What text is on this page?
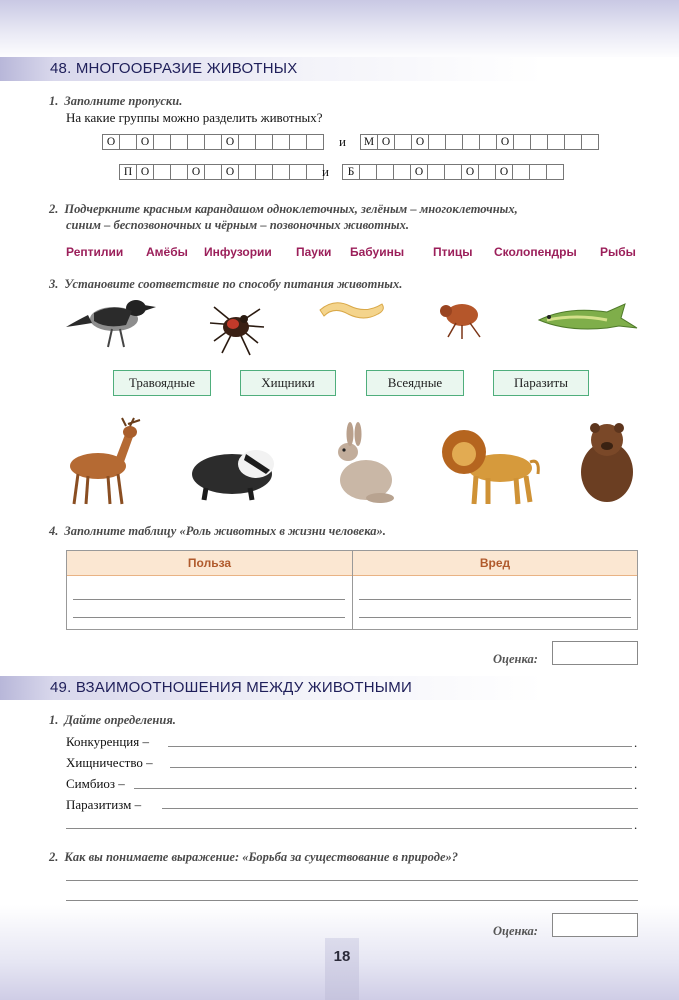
48. МНОГООБРАЗИЕ ЖИВОТНЫХ
1. Заполните пропуски.
На какие группы можно разделить животных?
О	О	О	и	М О	О	О
П О	О	О	и	Б	О	О	О
2. Подчеркните красным карандашом одноклеточных, зелёным – многоклеточных,
синим – беспозвоночных и чёрным – позвоночных животных.
Рептилии Амёбы Инфузории Пауки Бабуины Птицы Сколопендры Рыбы
3. Установите соответствие по способу питания животных.
Травоядные	Хищники	Всеядные	Паразиты
4. Заполните таблицу «Роль животных в жизни человека».
Польза	Вред
Оценка:
49. ВЗАИМООТНОШЕНИЯ МЕЖДУ ЖИВОТНЫМИ
1. Дайте определения.
Конкуренция –	.
Хищничество –	.
Симбиоз –	.
Паразитизм –
.
2. Как вы понимаете выражение: «Борьба за существование в природе»?
Оценка:
18
